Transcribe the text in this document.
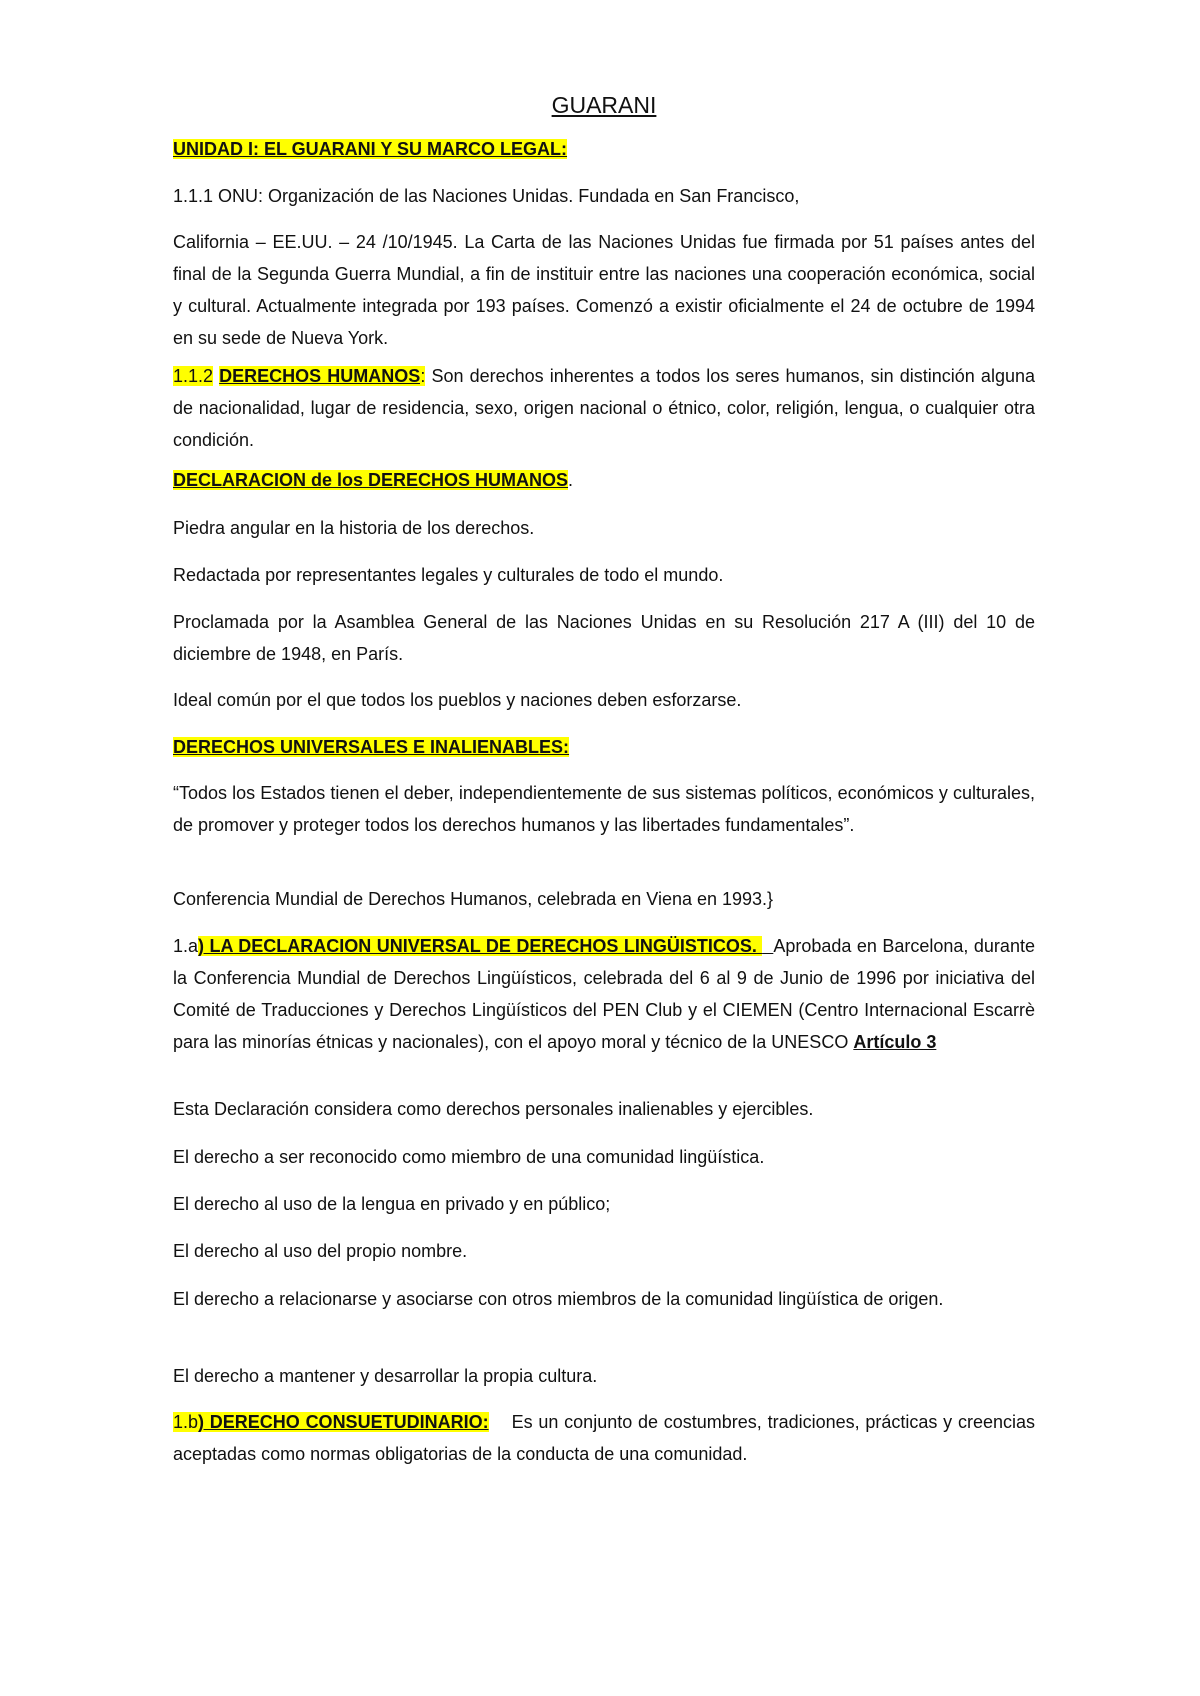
GUARANI

UNIDAD I: EL GUARANI Y SU MARCO LEGAL:

1.1.1 ONU: Organización de las Naciones Unidas. Fundada en San Francisco,

California – EE.UU. – 24 /10/1945. La Carta de las Naciones Unidas fue firmada por 51 países antes del final de la Segunda Guerra Mundial, a fin de instituir entre las naciones una cooperación económica, social y cultural. Actualmente integrada por 193 países. Comenzó a existir oficialmente el 24 de octubre de 1994 en su sede de Nueva York.

1.1.2 DERECHOS HUMANOS: Son derechos inherentes a todos los seres humanos, sin distinción alguna de nacionalidad, lugar de residencia, sexo, origen nacional o étnico, color, religión, lengua, o cualquier otra condición.

DECLARACION de los DERECHOS HUMANOS.

Piedra angular en la historia de los derechos.

Redactada por representantes legales y culturales de todo el mundo.

Proclamada por la Asamblea General de las Naciones Unidas en su Resolución 217 A (III) del 10 de diciembre de 1948, en París.

Ideal común por el que todos los pueblos y naciones deben esforzarse.

DERECHOS UNIVERSALES E INALIENABLES:

“Todos los Estados tienen el deber, independientemente de sus sistemas políticos, económicos y culturales, de promover y proteger todos los derechos humanos y las libertades fundamentales”.

Conferencia Mundial de Derechos Humanos, celebrada en Viena en 1993.}

1.a) LA DECLARACION UNIVERSAL DE DERECHOS LINGÜISTICOS.   Aprobada en Barcelona, durante la Conferencia Mundial de Derechos Lingüísticos, celebrada del 6 al 9 de Junio de 1996 por iniciativa del Comité de Traducciones y Derechos Lingüísticos del PEN Club y el CIEMEN (Centro Internacional Escarrè para las minorías étnicas y nacionales), con el apoyo moral y técnico de la UNESCO Artículo 3

Esta Declaración considera como derechos personales inalienables y ejercibles.

El derecho a ser reconocido como miembro de una comunidad lingüística.

El derecho al uso de la lengua en privado y en público;

El derecho al uso del propio nombre.

El derecho a relacionarse y asociarse con otros miembros de la comunidad lingüística de origen.

El derecho a mantener y desarrollar la propia cultura.

1.b) DERECHO CONSUETUDINARIO:    Es un conjunto de costumbres, tradiciones, prácticas y creencias aceptadas como normas obligatorias de la conducta de una comunidad.
